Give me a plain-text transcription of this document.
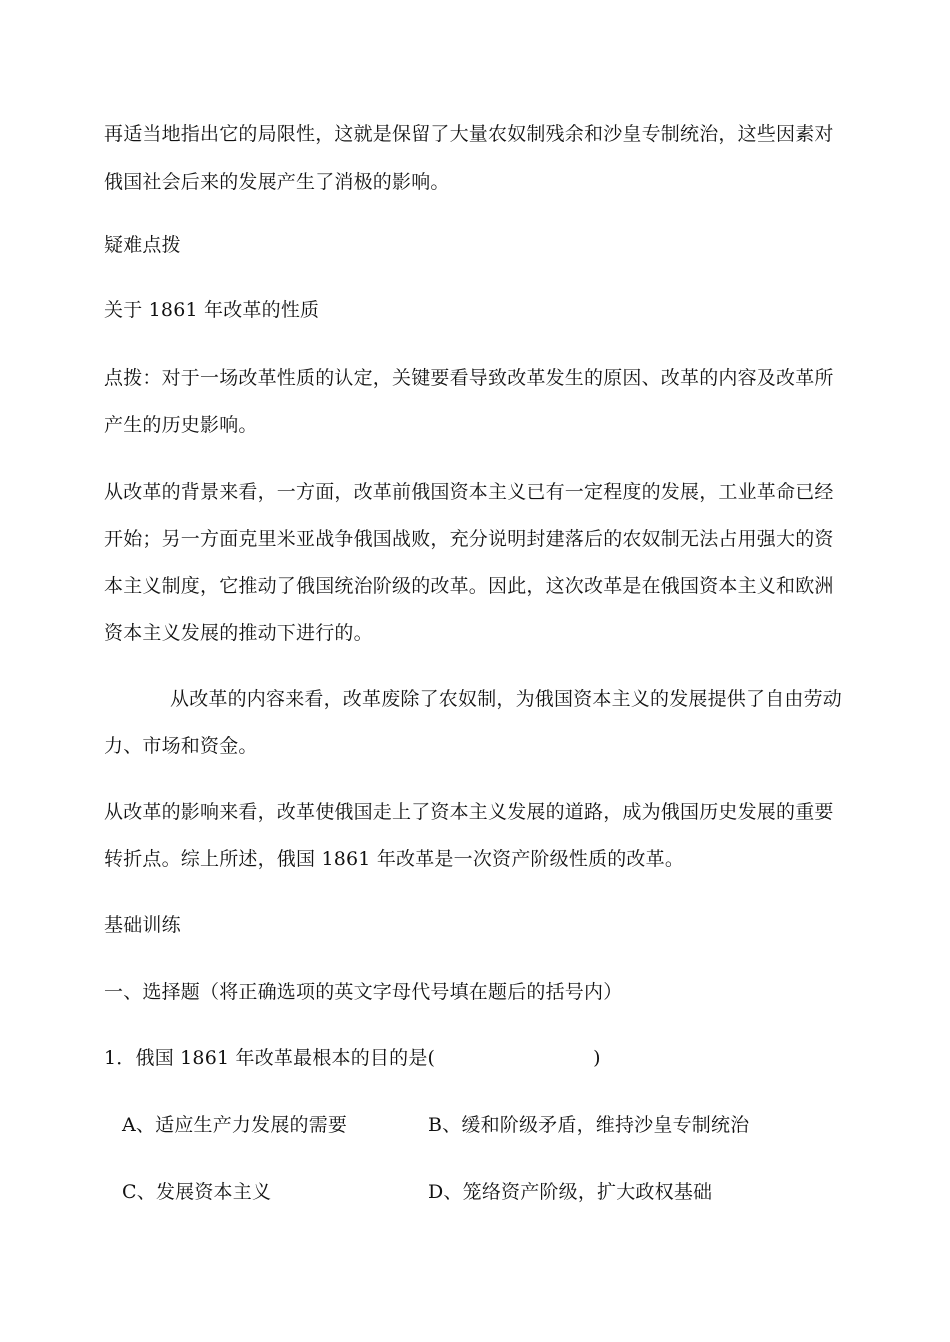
再适当地指出它的局限性，这就是保留了大量农奴制残余和沙皇专制统治，这些因素对
俄国社会后来的发展产生了消极的影响。
疑难点拨
关于 1861 年改革的性质
点拨：对于一场改革性质的认定，关键要看导致改革发生的原因、改革的内容及改革所
产生的历史影响。
从改革的背景来看，一方面，改革前俄国资本主义已有一定程度的发展，工业革命已经
开始；另一方面克里米亚战争俄国战败，充分说明封建落后的农奴制无法占用强大的资
本主义制度，它推动了俄国统治阶级的改革。因此，这次改革是在俄国资本主义和欧洲
资本主义发展的推动下进行的。
从改革的内容来看，改革废除了农奴制，为俄国资本主义的发展提供了自由劳动
力、市场和资金。
从改革的影响来看，改革使俄国走上了资本主义发展的道路，成为俄国历史发展的重要
转折点。综上所述，俄国 1861 年改革是一次资产阶级性质的改革。
基础训练
一、选择题（将正确选项的英文字母代号填在题后的括号内）
1．俄国 1861 年改革最根本的目的是(	)
A、适应生产力发展的需要	B、缓和阶级矛盾，维持沙皇专制统治
C、发展资本主义	D、笼络资产阶级，扩大政权基础
